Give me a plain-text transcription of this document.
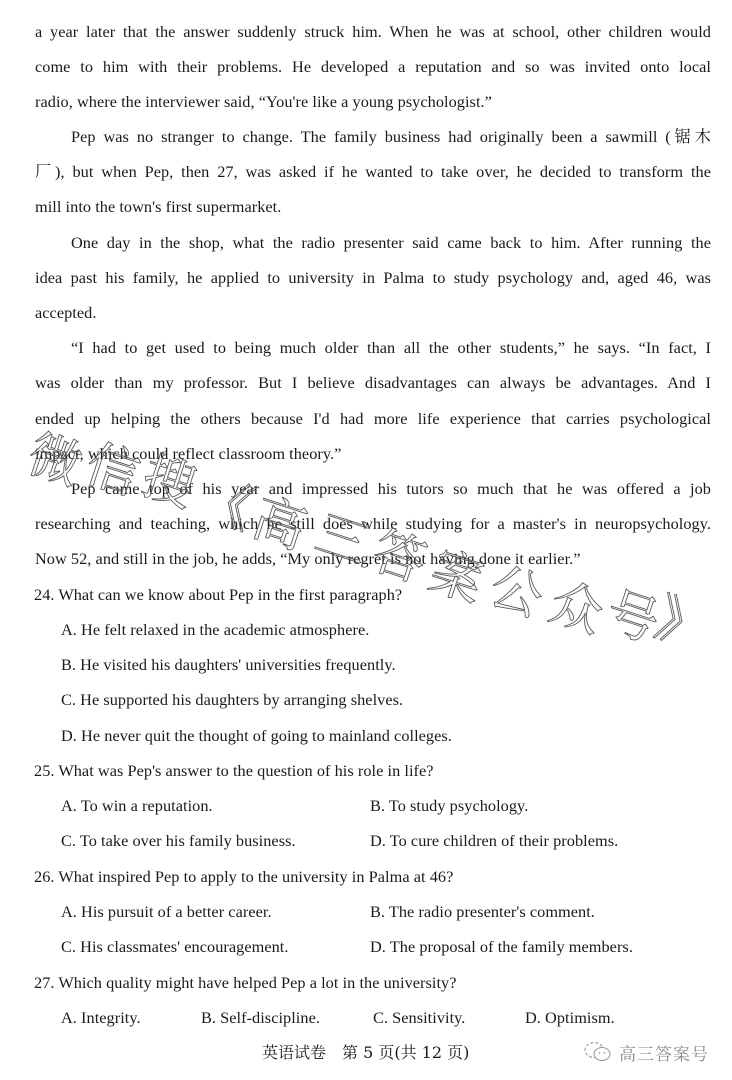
a year later that the answer suddenly struck him. When he was at school, other children would
come to him with their problems. He developed a reputation and so was invited onto local
radio, where the interviewer said, “You're like a young psychologist.”
Pep was no stranger to change. The family business had originally been a sawmill (锯木
厂), but when Pep, then 27, was asked if he wanted to take over, he decided to transform the
mill into the town's first supermarket.
One day in the shop, what the radio presenter said came back to him. After running the
idea past his family, he applied to university in Palma to study psychology and, aged 46, was
accepted.
“I had to get used to being much older than all the other students,” he says. “In fact, I
was older than my professor. But I believe disadvantages can always be advantages. And I
ended up helping the others because I'd had more life experience that carries psychological
impact, which could reflect classroom theory.”
Pep came top of his year and impressed his tutors so much that he was offered a job
researching and teaching, which he still does while studying for a master's in neuropsychology.
Now 52, and still in the job, he adds, “My only regret is not having done it earlier.”
24. What can we know about Pep in the first paragraph?
A. He felt relaxed in the academic atmosphere.
B. He visited his daughters' universities frequently.
C. He supported his daughters by arranging shelves.
D. He never quit the thought of going to mainland colleges.
25. What was Pep's answer to the question of his role in life?
A. To win a reputation.	B. To study psychology.
C. To take over his family business.	D. To cure children of their problems.
26. What inspired Pep to apply to the university in Palma at 46?
A. His pursuit of a better career.	B. The radio presenter's comment.
C. His classmates' encouragement.	D. The proposal of the family members.
27. Which quality might have helped Pep a lot in the university?
A. Integrity.	B. Self-discipline.	C. Sensitivity.	D. Optimism.
英语试卷　第 5 页(共 12 页)	高三答案号
微
信
搜
《
高
三
答
案
公
众
号
》
